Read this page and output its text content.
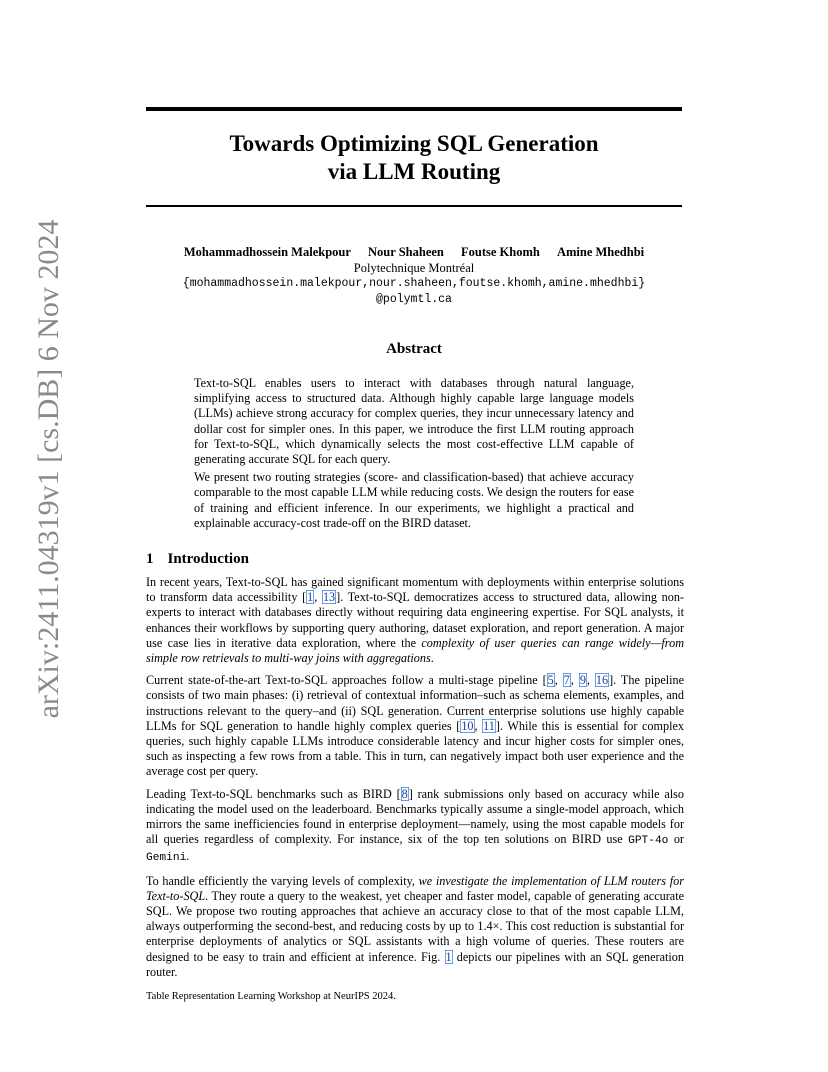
arXiv:2411.04319v1 [cs.DB] 6 Nov 2024
Towards Optimizing SQL Generation
via LLM Routing
Mohammadhossein Malekpour Nour Shaheen Foutse Khomh Amine Mhedhbi
Polytechnique Montréal
{mohammadhossein.malekpour,nour.shaheen,foutse.khomh,amine.mhedhbi}
@polymtl.ca
Abstract

Text-to-SQL enables users to interact with databases through natural language, simplifying access to structured data. Although highly capable large language models (LLMs) achieve strong accuracy for complex queries, they incur unnecessary latency and dollar cost for simpler ones. In this paper, we introduce the first LLM routing approach for Text-to-SQL, which dynamically selects the most cost-effective LLM capable of generating accurate SQL for each query.

We present two routing strategies (score- and classification-based) that achieve accuracy comparable to the most capable LLM while reducing costs. We design the routers for ease of training and efficient inference. In our experiments, we highlight a practical and explainable accuracy-cost trade-off on the BIRD dataset.

1 Introduction

In recent years, Text-to-SQL has gained significant momentum with deployments within enterprise solutions to transform data accessibility [1, 13]. Text-to-SQL democratizes access to structured data, allowing non-experts to interact with databases directly without requiring data engineering expertise. For SQL analysts, it enhances their workflows by supporting query authoring, dataset exploration, and report generation. A major use case lies in iterative data exploration, where the complexity of user queries can range widely—from simple row retrievals to multi-way joins with aggregations.

Current state-of-the-art Text-to-SQL approaches follow a multi-stage pipeline [5, 7, 9, 16]. The pipeline consists of two main phases: (i) retrieval of contextual information–such as schema elements, examples, and instructions relevant to the query–and (ii) SQL generation. Current enterprise solutions use highly capable LLMs for SQL generation to handle highly complex queries [10, 11]. While this is essential for complex queries, such highly capable LLMs introduce considerable latency and incur higher costs for simpler ones, such as inspecting a few rows from a table. This in turn, can negatively impact both user experience and the average cost per query.

Leading Text-to-SQL benchmarks such as BIRD [8] rank submissions only based on accuracy while also indicating the model used on the leaderboard. Benchmarks typically assume a single-model approach, which mirrors the same inefficiencies found in enterprise deployment—namely, using the most capable models for all queries regardless of complexity. For instance, six of the top ten solutions on BIRD use GPT-4o or Gemini.

To handle efficiently the varying levels of complexity, we investigate the implementation of LLM routers for Text-to-SQL. They route a query to the weakest, yet cheaper and faster model, capable of generating accurate SQL. We propose two routing approaches that achieve an accuracy close to that of the most capable LLM, always outperforming the second-best, and reducing costs by up to 1.4×. This cost reduction is substantial for enterprise deployments of analytics or SQL assistants with a high volume of queries. These routers are designed to be easy to train and efficient at inference. Fig. 1 depicts our pipelines with an SQL generation router.

Table Representation Learning Workshop at NeurIPS 2024.
